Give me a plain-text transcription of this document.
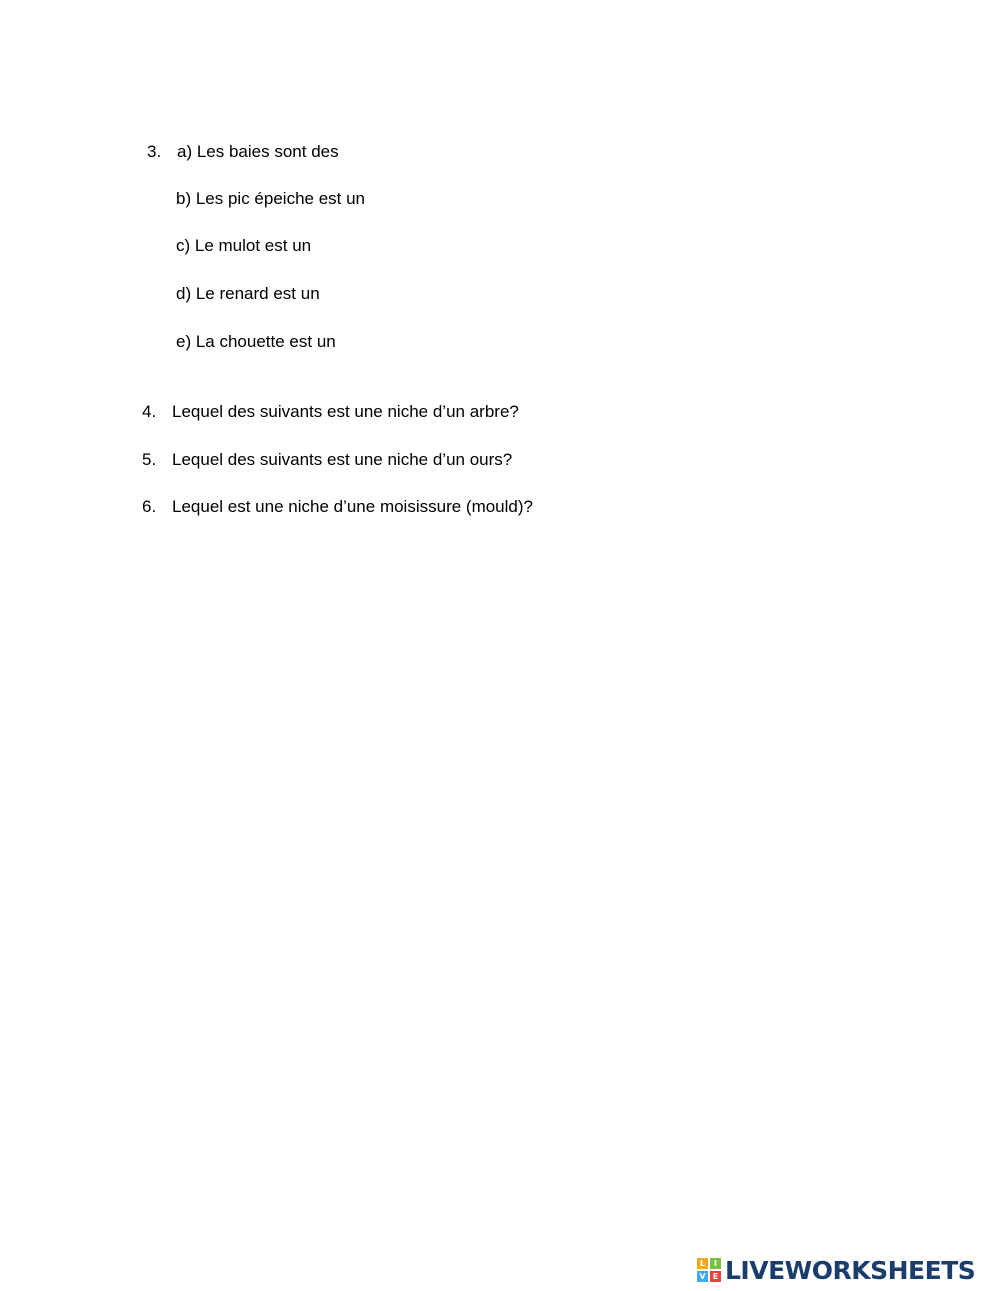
3. a) Les baies sont des
b) Les pic épeiche est un
c) Le mulot est un
d) Le renard est un
e) La chouette est un
4. Lequel des suivants est une niche d’un arbre?
5. Lequel des suivants est une niche d’un ours?
6. Lequel est une niche d’une moisissure (mould)?
L	I
V E LIVEWORKSHEETS
